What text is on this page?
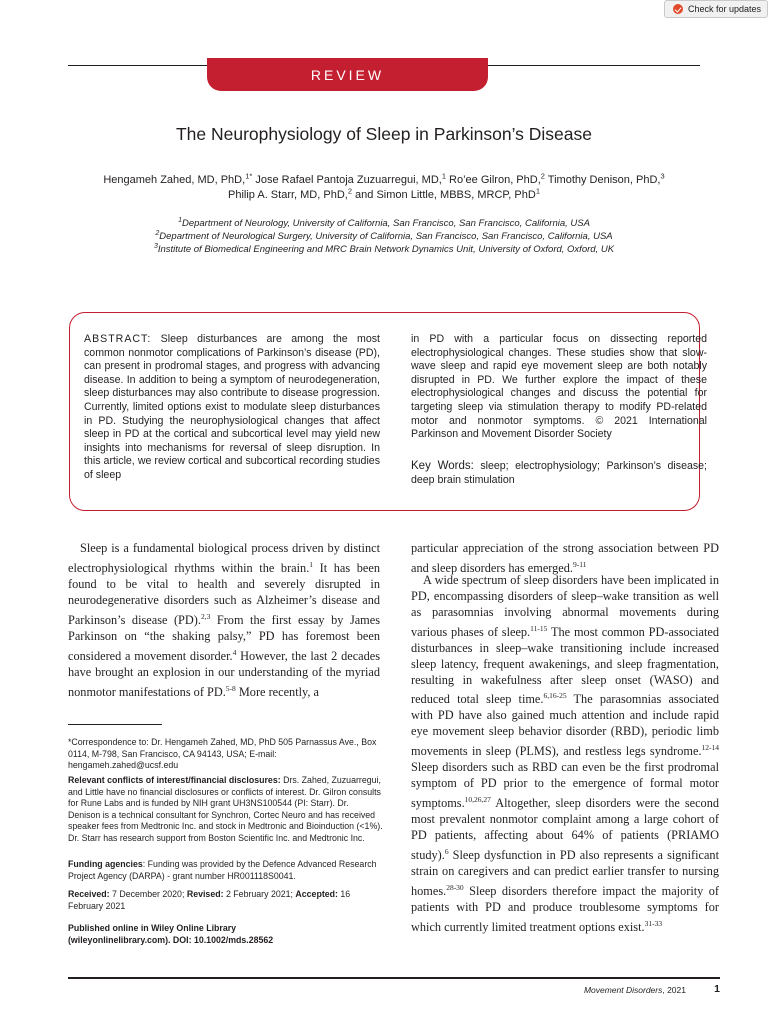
Check for updates
REVIEW
The Neurophysiology of Sleep in Parkinson’s Disease
Hengameh Zahed, MD, PhD,$^{1*}$ Jose Rafael Pantoja Zuzuarregui, MD,$^1$ Ro’ee Gilron, PhD,$^2$ Timothy Denison, PhD,$^3$
Philip A. Starr, MD, PhD,$^2$ and Simon Little, MBBS, MRCP, PhD$^1$
$^1$Department of Neurology, University of California, San Francisco, San Francisco, California, USA
$^2$Department of Neurological Surgery, University of California, San Francisco, San Francisco, California, USA
$^3$Institute of Biomedical Engineering and MRC Brain Network Dynamics Unit, University of Oxford, Oxford, UK
ABSTRACT: Sleep disturbances are among the most common nonmotor complications of Parkinson’s disease (PD), can present in prodromal stages, and progress with advancing disease. In addition to being a symptom of neurodegeneration, sleep disturbances may also contribute to disease progression. Currently, limited options exist to modulate sleep disturbances in PD. Studying the neurophysiological changes that affect sleep in PD at the cortical and subcortical level may yield new insights into mechanisms for reversal of sleep disruption. In this article, we review cortical and subcortical recording studies of sleep
in PD with a particular focus on dissecting reported electrophysiological changes. These studies show that slow-wave sleep and rapid eye movement sleep are both notably disrupted in PD. We further explore the impact of these electrophysiological changes and discuss the potential for targeting sleep via stimulation therapy to modify PD-related motor and nonmotor symptoms. © 2021 International Parkinson and Movement Disorder Society
Key Words: sleep; electrophysiology; Parkinson’s disease; deep brain stimulation
Sleep is a fundamental biological process driven by distinct electrophysiological rhythms within the brain.$^1$ It has been found to be vital to health and severely disrupted in neurodegenerative disorders such as Alzheimer’s disease and Parkinson’s disease (PD).$^{2,3}$ From the first essay by James Parkinson on “the shaking palsy,” PD has foremost been considered a movement disorder.$^4$ However, the last 2 decades have brought an explosion in our understanding of the myriad nonmotor manifestations of PD.$^{5-8}$ More recently, a
particular appreciation of the strong association between PD and sleep disorders has emerged.$^{9-11}$
A wide spectrum of sleep disorders have been implicated in PD, encompassing disorders of sleep–wake transition as well as parasomnias involving abnormal movements during various phases of sleep.$^{11-15}$ The most common PD-associated disturbances in sleep–wake transitioning include increased sleep latency, frequent awakenings, and sleep fragmentation, resulting in wakefulness after sleep onset (WASO) and reduced total sleep time.$^{6,16-25}$ The parasomnias associated with PD have also gained much attention and include rapid eye movement sleep behavior disorder (RBD), periodic limb movements in sleep (PLMS), and restless legs syndrome.$^{12-14}$ Sleep disorders such as RBD can even be the first prodromal symptom of PD prior to the emergence of formal motor symptoms.$^{10,26,27}$ Altogether, sleep disorders were the second most prevalent nonmotor complaint among a large cohort of PD patients, affecting about 64% of patients (PRIAMO study).$^6$ Sleep dysfunction in PD also represents a significant strain on caregivers and can predict earlier transfer to nursing homes.$^{28-30}$ Sleep disorders therefore impact the majority of patients with PD and produce troublesome symptoms for which currently limited treatment options exist.$^{31-33}$
*Correspondence to: Dr. Hengameh Zahed, MD, PhD 505 Parnassus Ave., Box 0114, M-798, San Francisco, CA 94143, USA; E-mail: hengameh.zahed@ucsf.edu
Relevant conflicts of interest/financial disclosures: Drs. Zahed, Zuzuarregui, and Little have no financial disclosures or conflicts of interest. Dr. Gilron consults for Rune Labs and is funded by NIH grant UH3NS100544 (PI: Starr). Dr. Denison is a technical consultant for Synchron, Cortec Neuro and has received speaker fees from Medtronic Inc. and stock in Medtronic and Bioinduction (<1%). Dr. Starr has research support from Boston Scientific Inc. and Medtronic Inc.
Funding agencies: Funding was provided by the Defence Advanced Research Project Agency (DARPA) - grant number HR001118S0041.
Received: 7 December 2020; Revised: 2 February 2021; Accepted: 16 February 2021
Published online in Wiley Online Library
(wileyonlinelibrary.com). DOI: 10.1002/mds.28562
Movement Disorders, 2021	1
